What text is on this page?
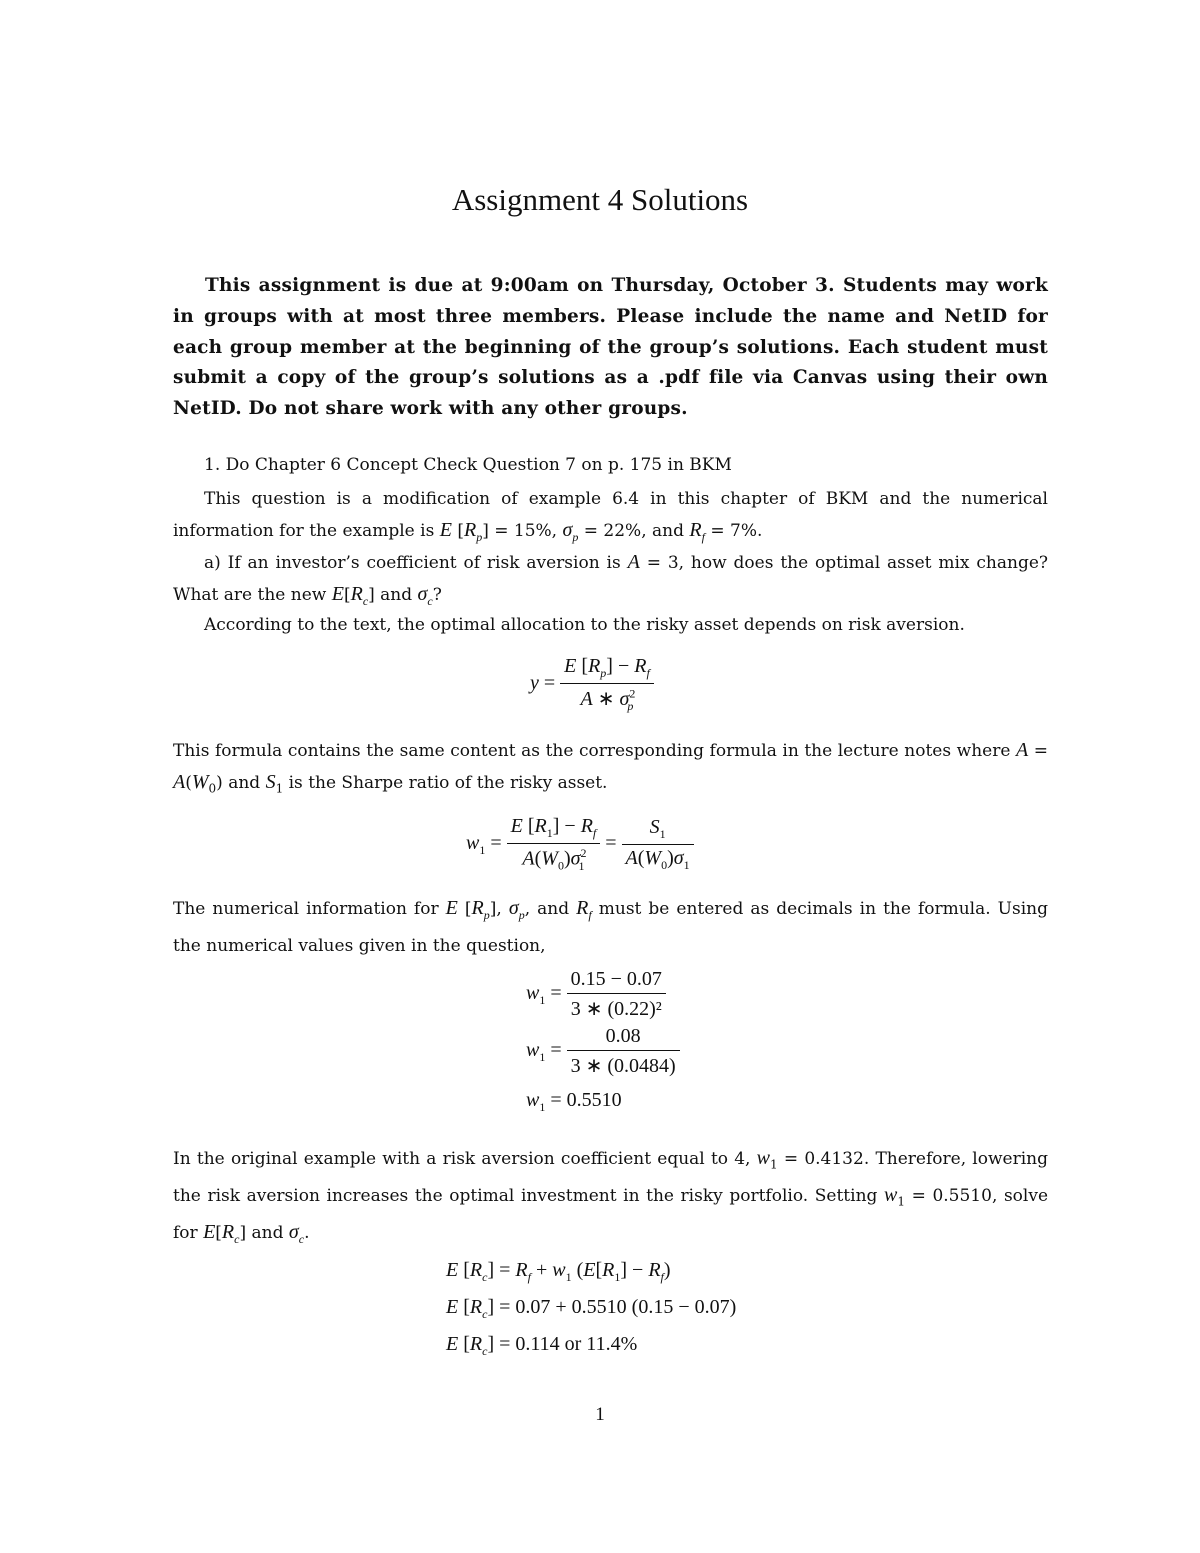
Assignment 4 Solutions
This assignment is due at 9:00am on Thursday, October 3. Students may work in groups with at most three members. Please include the name and NetID for each group member at the beginning of the group’s solutions. Each student must submit a copy of the group’s solutions as a .pdf file via Canvas using their own NetID. Do not share work with any other groups.
1. Do Chapter 6 Concept Check Question 7 on p. 175 in BKM
This question is a modification of example 6.4 in this chapter of BKM and the numerical information for the example is E $[R_p] = 15\%$, $\sigma_p = 22\%$, and $R_f = 7\%$.
a) If an investor’s coefficient of risk aversion is A = 3, how does the optimal asset mix change? What are the new $E[R_c]$ and $\sigma_c$?
According to the text, the optimal allocation to the risky asset depends on risk aversion.
$y = \frac{E [R_p] - R_f}{A ∗ \sigma^2_p}$
This formula contains the same content as the corresponding formula in the lecture notes where $A = A(W_0)$ and $S_1$ is the Sharpe ratio of the risky asset.
$w_1 = \frac{E [R_1] - R_f}{A(W_0)\sigma^2_1} = \frac{S_1}{A(W_0)\sigma_1}$
The numerical information for E $[R_p]$, $\sigma_p$, and $R_f$ must be entered as decimals in the formula. Using the numerical values given in the question,
$w_1 = \frac{0.15 - 0.07}{\text{3 ∗ (0.22)²}}$
$w_1 = \frac{0.08}{3 ∗ (0.0484)}$
$w_1 = 0.5510$
In the original example with a risk aversion coefficient equal to 4, $w_1 = 0.4132$. Therefore, lowering the risk aversion increases the optimal investment in the risky portfolio. Setting $w_1 = 0.5510$, solve for $E[R_c]$ and $\sigma_c$.
E $[R_c] = R_f + w_1$ $(E[R_1] - R_f)$
E $[R_c] = 0.07 + 0.5510$ (0.15 − 0.07)
E $[R_c] = 0.114$ or 11.4%
1
